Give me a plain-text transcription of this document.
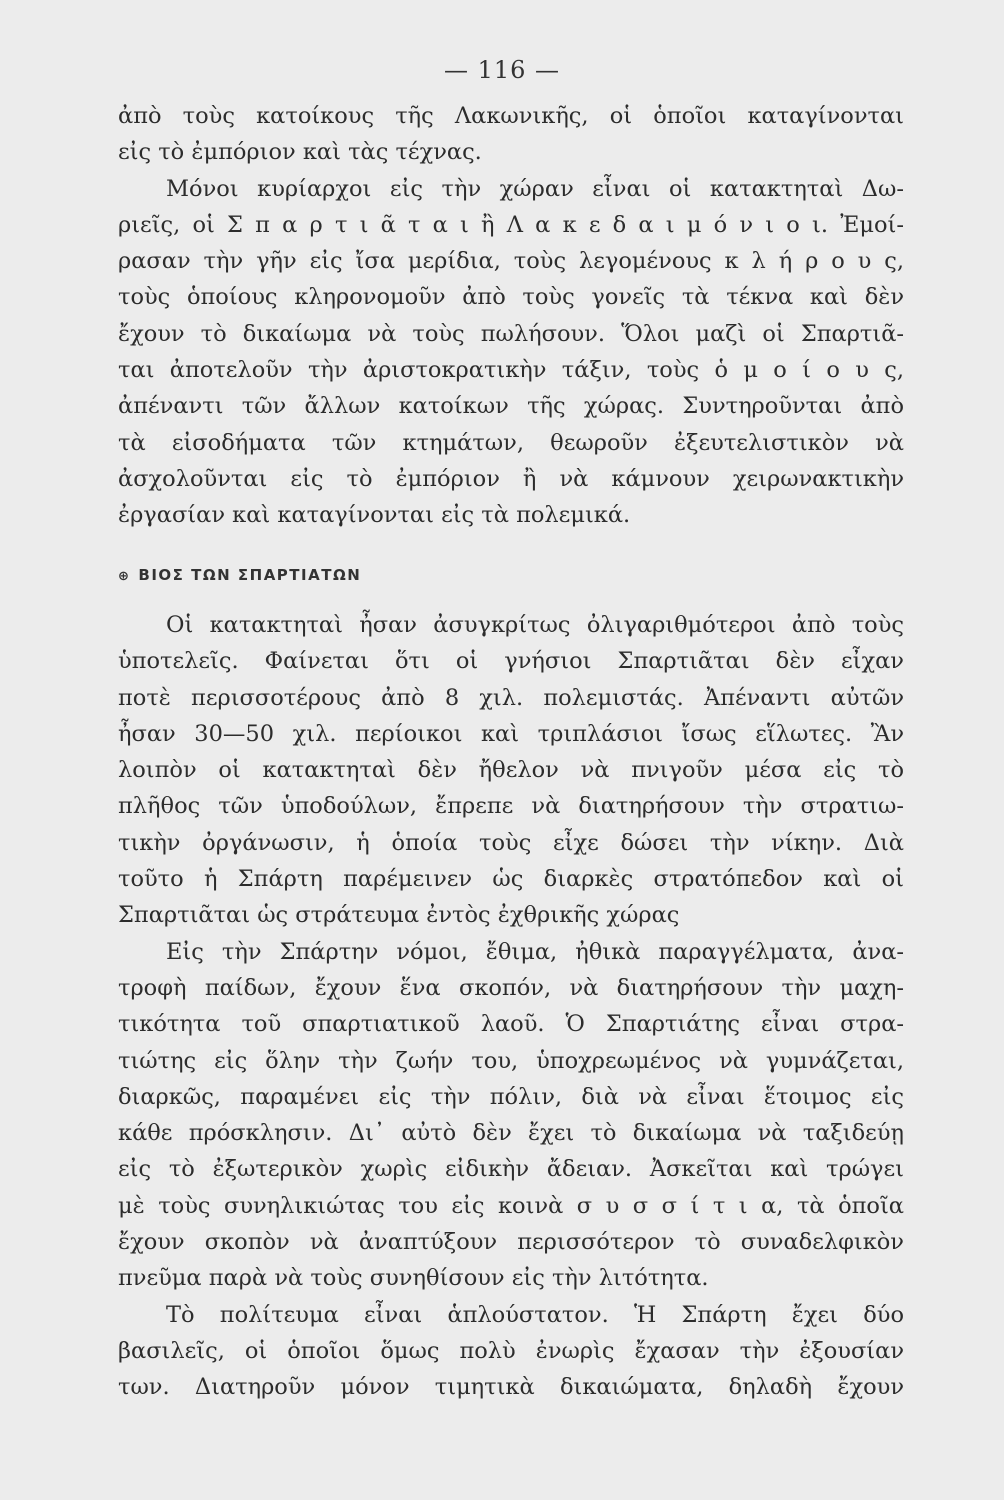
— 116 —
ἀπὸ τοὺς κατοίκους τῆς Λακωνικῆς, οἱ ὁποῖοι καταγίνονται
εἰς τὸ ἐμπόριον καὶ τὰς τέχνας.
Μόνοι κυρίαρχοι εἰς τὴν χώραν εἶναι οἱ κατακτηταὶ Δω-
ριεῖς, οἱ Σ π α ρ τ ι ᾶ τ α ι ἢ Λ α κ ε δ α ι μ ό ν ι ο ι. Ἐμοί-
ρασαν τὴν γῆν εἰς ἴσα μερίδια, τοὺς λεγομένους κ λ ή ρ ο υ ς,
τοὺς ὁποίους κληρονομοῦν ἀπὸ τοὺς γονεῖς τὰ τέκνα καὶ δὲν
ἔχουν τὸ δικαίωμα νὰ τοὺς πωλήσουν. Ὅλοι μαζὶ οἱ Σπαρτιᾶ-
ται ἀποτελοῦν τὴν ἀριστοκρατικὴν τάξιν, τοὺς ὁ μ ο ί ο υ ς,
ἀπέναντι τῶν ἄλλων κατοίκων τῆς χώρας. Συντηροῦνται ἀπὸ
τὰ εἰσοδήματα τῶν κτημάτων, θεωροῦν ἐξευτελιστικὸν νὰ
ἀσχολοῦνται εἰς τὸ ἐμπόριον ἢ νὰ κάμνουν χειρωνακτικὴν
ἐργασίαν καὶ καταγίνονται εἰς τὰ πολεμικά.
⊕ ΒΙΟΣ ΤΩΝ ΣΠΑΡΤΙΑΤΩΝ
Οἱ κατακτηταὶ ἦσαν ἀσυγκρίτως ὀλιγαριθμότεροι ἀπὸ τοὺς
ὑποτελεῖς. Φαίνεται ὅτι οἱ γνήσιοι Σπαρτιᾶται δὲν εἶχαν
ποτὲ περισσοτέρους ἀπὸ 8 χιλ. πολεμιστάς. Ἀπέναντι αὐτῶν
ἦσαν 30—50 χιλ. περίοικοι καὶ τριπλάσιοι ἴσως εἵλωτες. Ἂν
λοιπὸν οἱ κατακτηταὶ δὲν ἤθελον νὰ πνιγοῦν μέσα εἰς τὸ
πλῆθος τῶν ὑποδούλων, ἔπρεπε νὰ διατηρήσουν τὴν στρατιω-
τικὴν ὀργάνωσιν, ἡ ὁποία τοὺς εἶχε δώσει τὴν νίκην. Διὰ
τοῦτο ἡ Σπάρτη παρέμεινεν ὡς διαρκὲς στρατόπεδον καὶ οἱ
Σπαρτιᾶται ὡς στράτευμα ἐντὸς ἐχθρικῆς χώρας
Εἰς τὴν Σπάρτην νόμοι, ἔθιμα, ἠθικὰ παραγγέλματα, ἀνα-
τροφὴ παίδων, ἔχουν ἕνα σκοπόν, νὰ διατηρήσουν τὴν μαχη-
τικότητα τοῦ σπαρτιατικοῦ λαοῦ. Ὁ Σπαρτιάτης εἶναι στρα-
τιώτης εἰς ὅλην τὴν ζωήν του, ὑποχρεωμένος νὰ γυμνάζεται,
διαρκῶς, παραμένει εἰς τὴν πόλιν, διὰ νὰ εἶναι ἕτοιμος εἰς
κάθε πρόσκλησιν. Δι᾽ αὐτὸ δὲν ἔχει τὸ δικαίωμα νὰ ταξιδεύῃ
εἰς τὸ ἐξωτερικὸν χωρὶς εἰδικὴν ἄδειαν. Ἀσκεῖται καὶ τρώγει
μὲ τοὺς συνηλικιώτας του εἰς κοινὰ σ υ σ σ ί τ ι α, τὰ ὁποῖα
ἔχουν σκοπὸν νὰ ἀναπτύξουν περισσότερον τὸ συναδελφικὸν
πνεῦμα παρὰ νὰ τοὺς συνηθίσουν εἰς τὴν λιτότητα.
Τὸ πολίτευμα εἶναι ἁπλούστατον. Ἡ Σπάρτη ἔχει δύο
βασιλεῖς, οἱ ὁποῖοι ὅμως πολὺ ἐνωρὶς ἔχασαν τὴν ἐξουσίαν
των. Διατηροῦν μόνον τιμητικὰ δικαιώματα, δηλαδὴ ἔχουν
